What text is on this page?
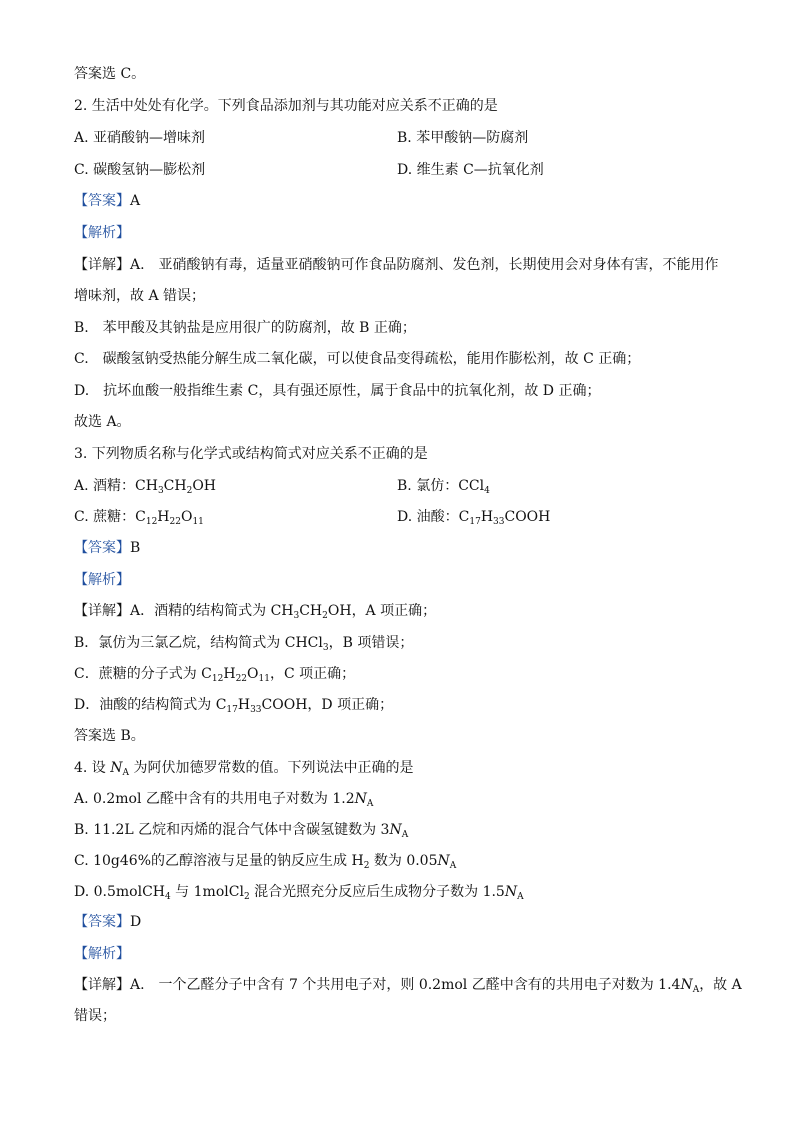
答案选 C。
2. 生活中处处有化学。下列食品添加剂与其功能对应关系不正确的是
A. 亚硝酸钠—增味剂	B. 苯甲酸钠—防腐剂
C. 碳酸氢钠—膨松剂	D. 维生素 C—抗氧化剂
【答案】A
【解析】
【详解】A.　亚硝酸钠有毒，适量亚硝酸钠可作食品防腐剂、发色剂，长期使用会对身体有害，不能用作
增味剂，故 A 错误；
B.　苯甲酸及其钠盐是应用很广的防腐剂，故 B 正确；
C.　碳酸氢钠受热能分解生成二氧化碳，可以使食品变得疏松，能用作膨松剂，故 C 正确；
D.　抗坏血酸一般指维生素 C，具有强还原性，属于食品中的抗氧化剂，故 D 正确；
故选 A。
3. 下列物质名称与化学式或结构简式对应关系不正确的是
A. 酒精：$CH_3CH_2OH$	B. 氯仿：CCl$_4$
C. 蔗糖：$C_{12}H_{22}O_{11}$	D. 油酸：$C_{17}H_{33}COOH$
【答案】B
【解析】
【详解】A．酒精的结构简式为 $CH_3CH_2OH$，A 项正确；
B．氯仿为三氯乙烷，结构简式为 CHCl$_3$，B 项错误；
C．蔗糖的分子式为 $C_{12}H_{22}O_{11}$，C 项正确；
D．油酸的结构简式为 $C_{17}H_{33}COOH$，D 项正确；
答案选 B。
4. 设 $N_A$ 为阿伏加德罗常数的值。下列说法中正确的是
A. 0.2mol 乙醛中含有的共用电子对数为 $1.2N_A$
B. 11.2L 乙烷和丙烯的混合气体中含碳氢键数为 $3N_A$
C. 10g46%的乙醇溶液与足量的钠反应生成 $H_2$ 数为 $0.05N_A$
D. 0.5molCH$_4$ 与 1molCl$_2$ 混合光照充分反应后生成物分子数为 $1.5N_A$
【答案】D
【解析】
【详解】A.　一个乙醛分子中含有 7 个共用电子对，则 0.2mol 乙醛中含有的共用电子对数为 $1.4N_A$，故 A
错误；
